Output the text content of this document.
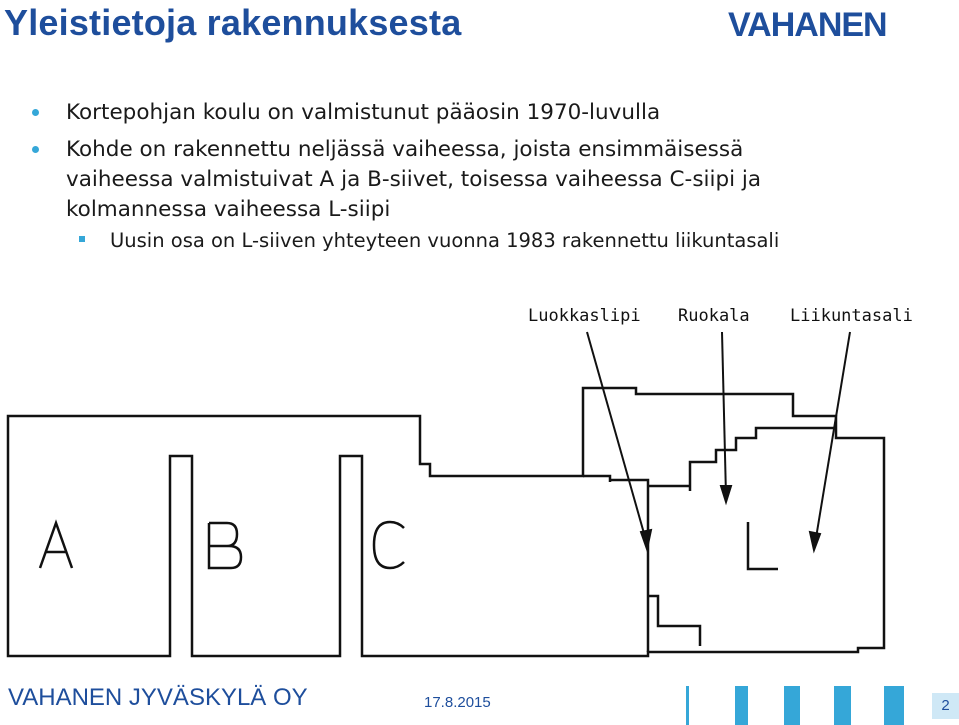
Yleistietoja rakennuksesta	VAHANEN
Kortepohjan koulu on valmistunut pääosin 1970-luvulla
Kohde on rakennettu neljässä vaiheessa, joista ensimmäisessä
vaiheessa valmistuivat A ja B-siivet, toisessa vaiheessa C-siipi ja
kolmannessa vaiheessa L-siipi
Uusin osa on L-siiven yhteyteen vuonna 1983 rakennettu liikuntasali
Luokkaslipi Ruokala Liikuntasali
VAHANEN JYVÄSKYLÄ OY	17.8.2015	2
